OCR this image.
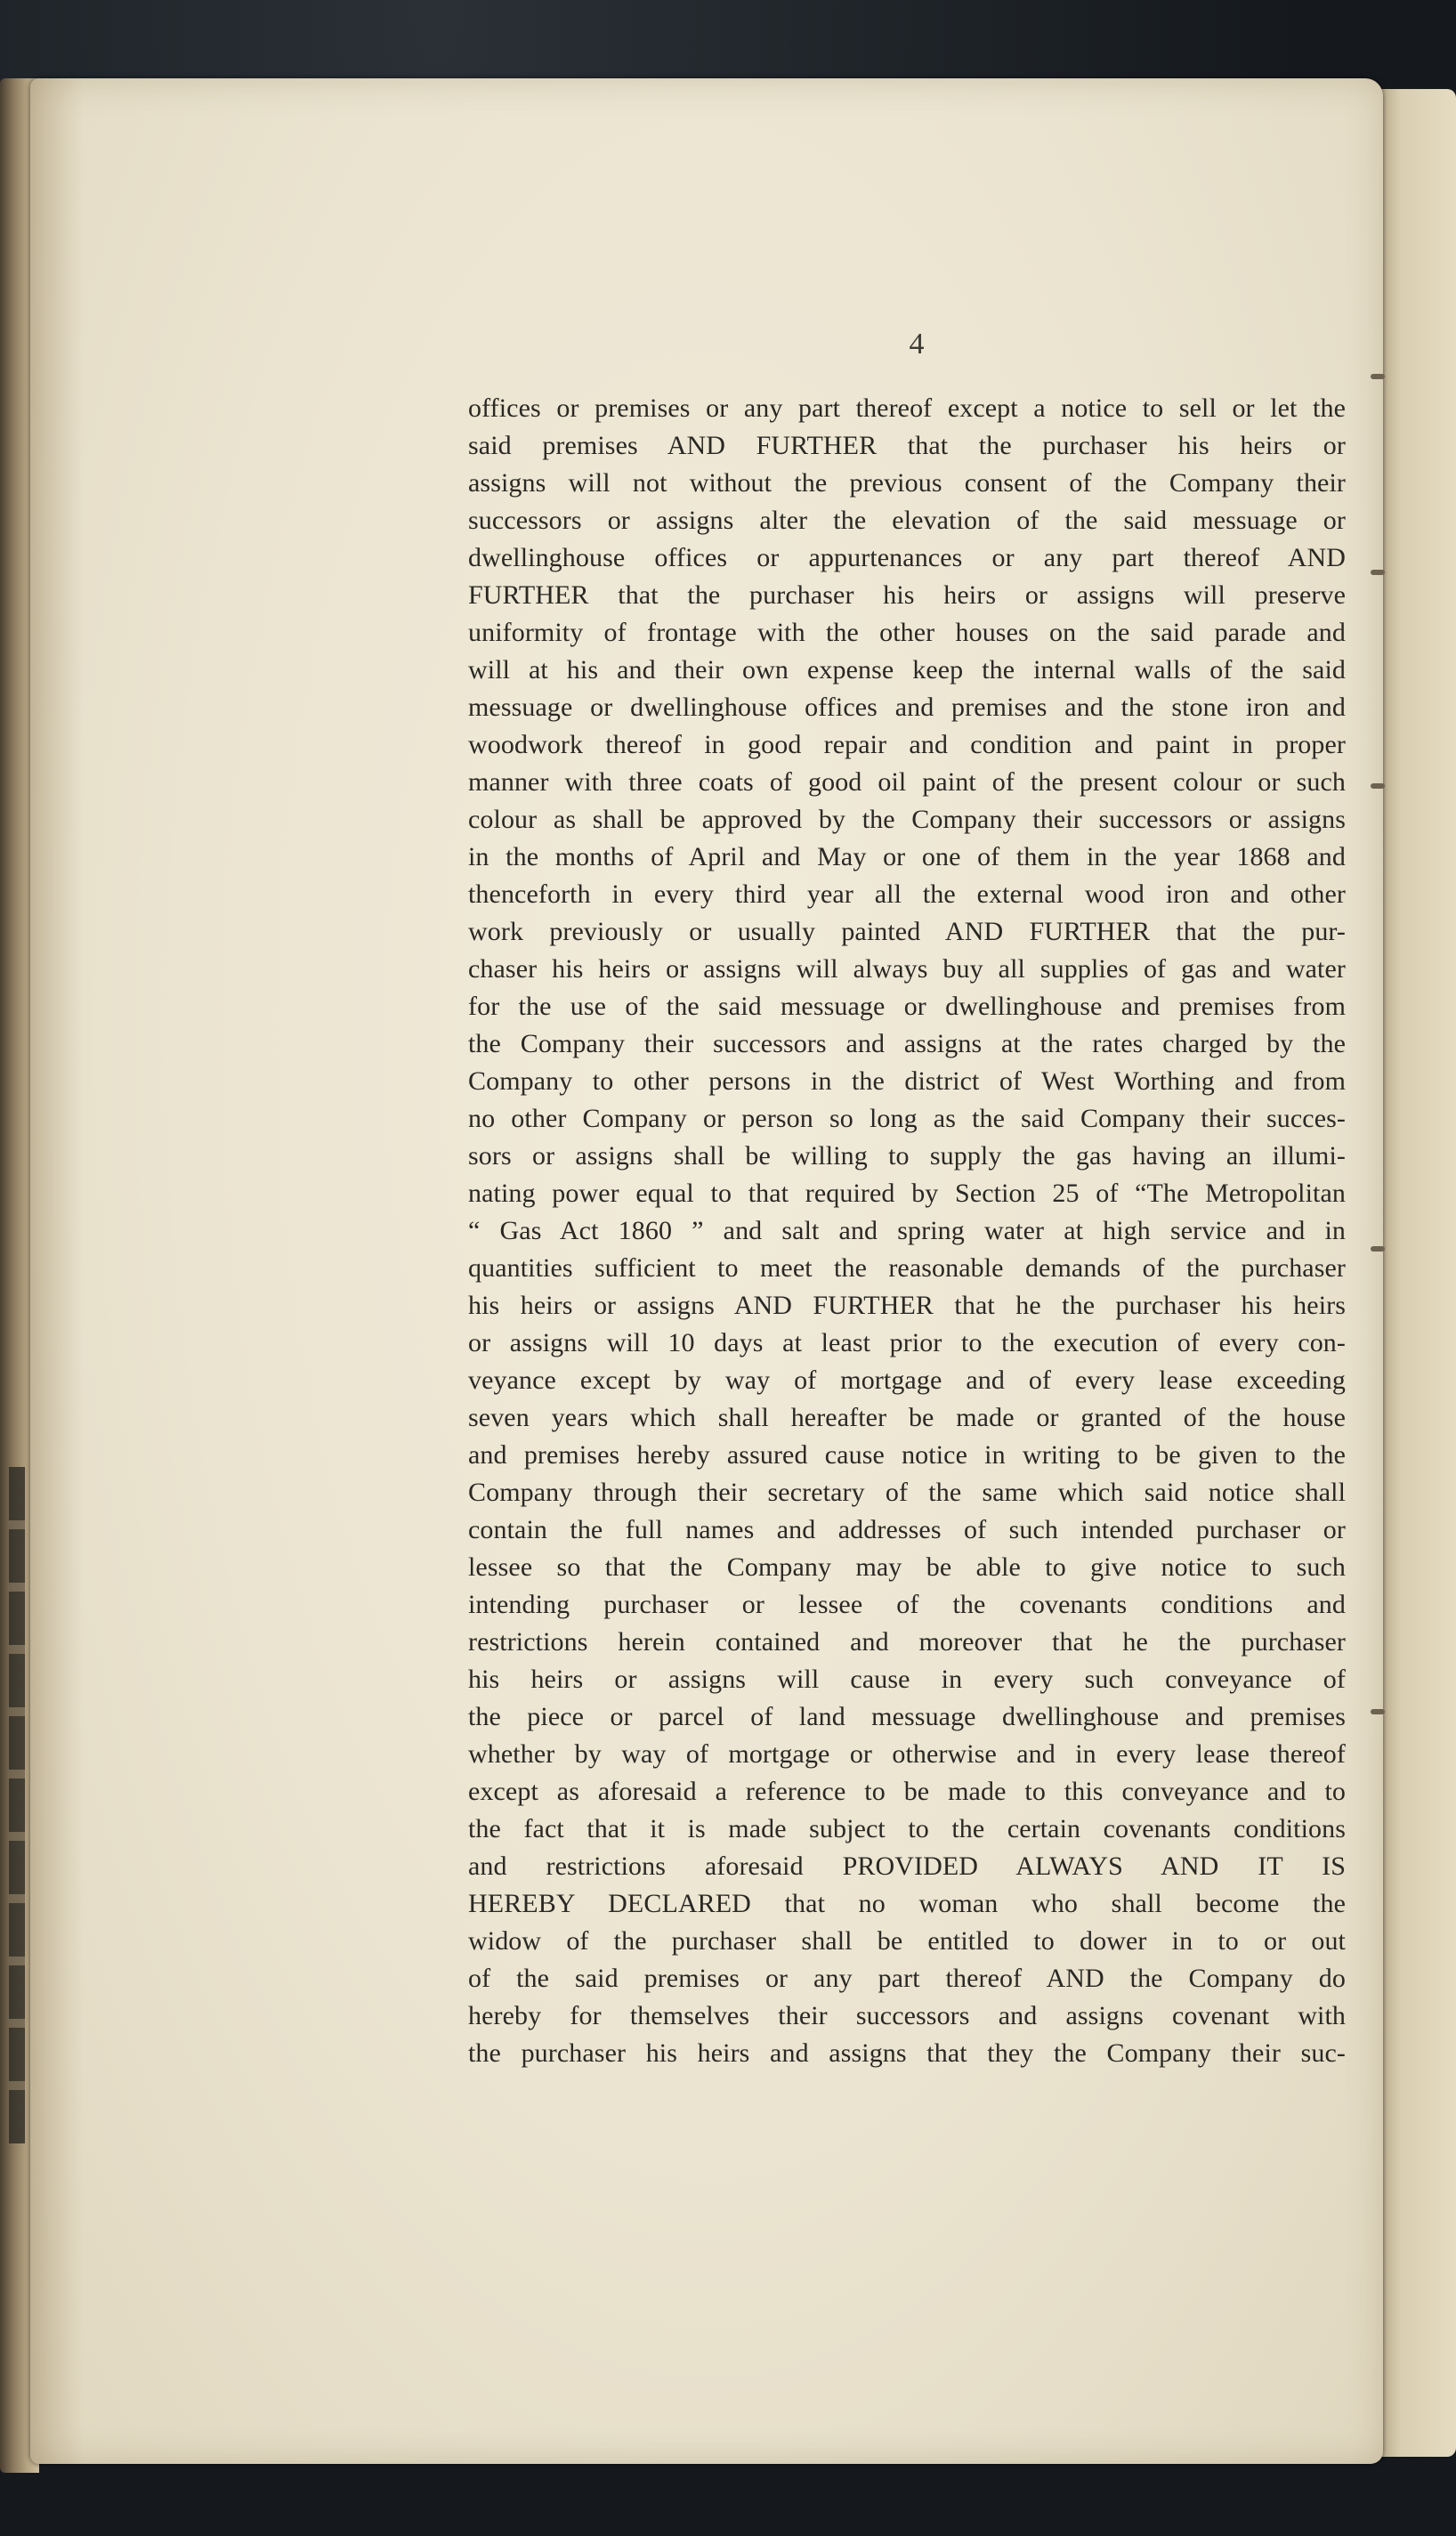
4
offices or premises or any part thereof except a notice to sell or let the
said premises AND FURTHER that the purchaser his heirs or
assigns will not without the previous consent of the Company their
successors or assigns alter the elevation of the said messuage or
dwellinghouse offices or appurtenances or any part thereof AND
FURTHER that the purchaser his heirs or assigns will preserve
uniformity of frontage with the other houses on the said parade and
will at his and their own expense keep the internal walls of the said
messuage or dwellinghouse offices and premises and the stone iron and
woodwork thereof in good repair and condition and paint in proper
manner with three coats of good oil paint of the present colour or such
colour as shall be approved by the Company their successors or assigns
in the months of April and May or one of them in the year 1868 and
thenceforth in every third year all the external wood iron and other
work previously or usually painted AND FURTHER that the pur-
chaser his heirs or assigns will always buy all supplies of gas and water
for the use of the said messuage or dwellinghouse and premises from
the Company their successors and assigns at the rates charged by the
Company to other persons in the district of West Worthing and from
no other Company or person so long as the said Company their succes-
sors or assigns shall be willing to supply the gas having an illumi-
nating power equal to that required by Section 25 of “The Metropolitan
“ Gas Act 1860 ” and salt and spring water at high service and in
quantities sufficient to meet the reasonable demands of the purchaser
his heirs or assigns AND FURTHER that he the purchaser his heirs
or assigns will 10 days at least prior to the execution of every con-
veyance except by way of mortgage and of every lease exceeding
seven years which shall hereafter be made or granted of the house
and premises hereby assured cause notice in writing to be given to the
Company through their secretary of the same which said notice shall
contain the full names and addresses of such intended purchaser or
lessee so that the Company may be able to give notice to such
intending purchaser or lessee of the covenants conditions and
restrictions herein contained and moreover that he the purchaser
his heirs or assigns will cause in every such conveyance of
the piece or parcel of land messuage dwellinghouse and premises
whether by way of mortgage or otherwise and in every lease thereof
except as aforesaid a reference to be made to this conveyance and to
the fact that it is made subject to the certain covenants conditions
and restrictions aforesaid PROVIDED ALWAYS AND IT IS
HEREBY DECLARED that no woman who shall become the
widow of the purchaser shall be entitled to dower in to or out
of the said premises or any part thereof AND the Company do
hereby for themselves their successors and assigns covenant with
the purchaser his heirs and assigns that they the Company their suc-
